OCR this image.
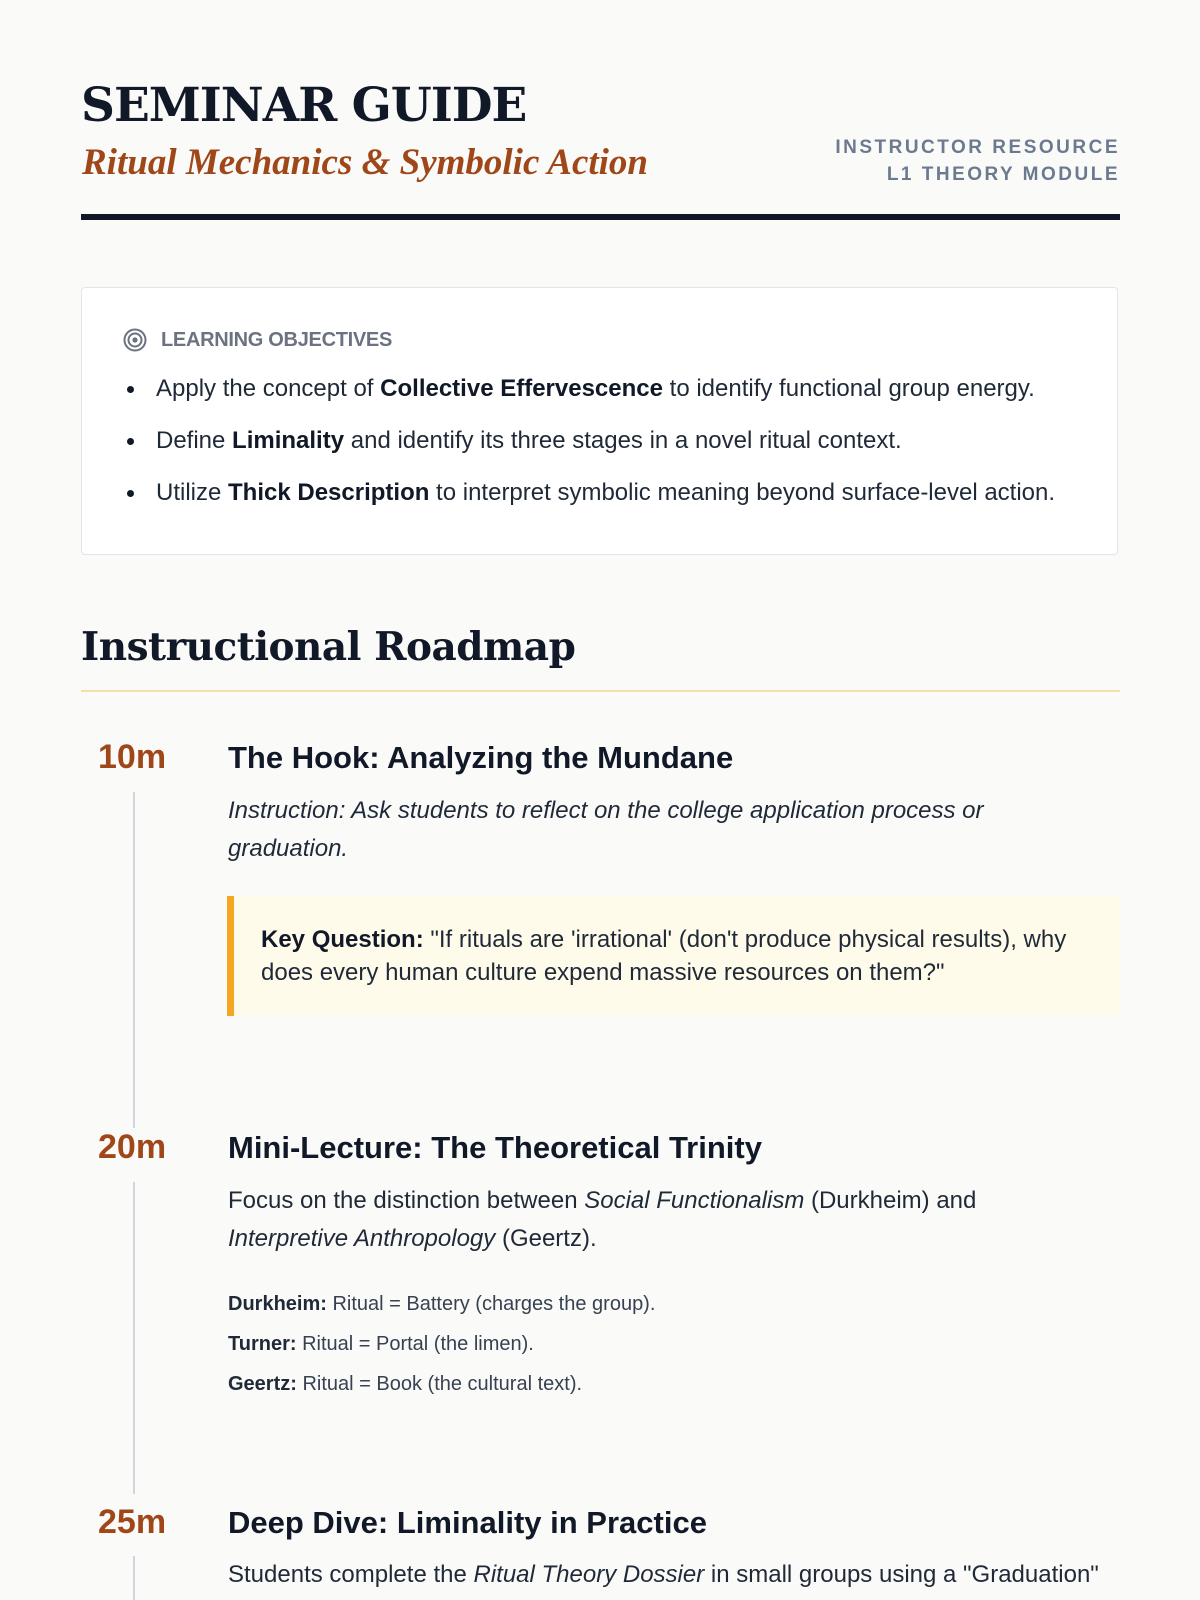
SEMINAR GUIDE
Ritual Mechanics & Symbolic Action	INSTRUCTOR RESOURCE
L1 THEORY MODULE
LEARNING OBJECTIVES
Apply the concept of Collective Effervescence to identify functional group energy.
Define Liminality and identify its three stages in a novel ritual context.
Utilize Thick Description to interpret symbolic meaning beyond surface-level action.
Instructional Roadmap
10m The Hook: Analyzing the Mundane
Instruction: Ask students to reflect on the college application process or
graduation.
Key Question: "If rituals are 'irrational' (don't produce physical results), why
does every human culture expend massive resources on them?"
20m Mini-Lecture: The Theoretical Trinity
Focus on the distinction between Social Functionalism (Durkheim) and
Interpretive Anthropology (Geertz).
Durkheim: Ritual = Battery (charges the group).
Turner: Ritual = Portal (the limen).
Geertz: Ritual = Book (the cultural text).
25m Deep Dive: Liminality in Practice
Students complete the Ritual Theory Dossier in small groups using a "Graduation"
